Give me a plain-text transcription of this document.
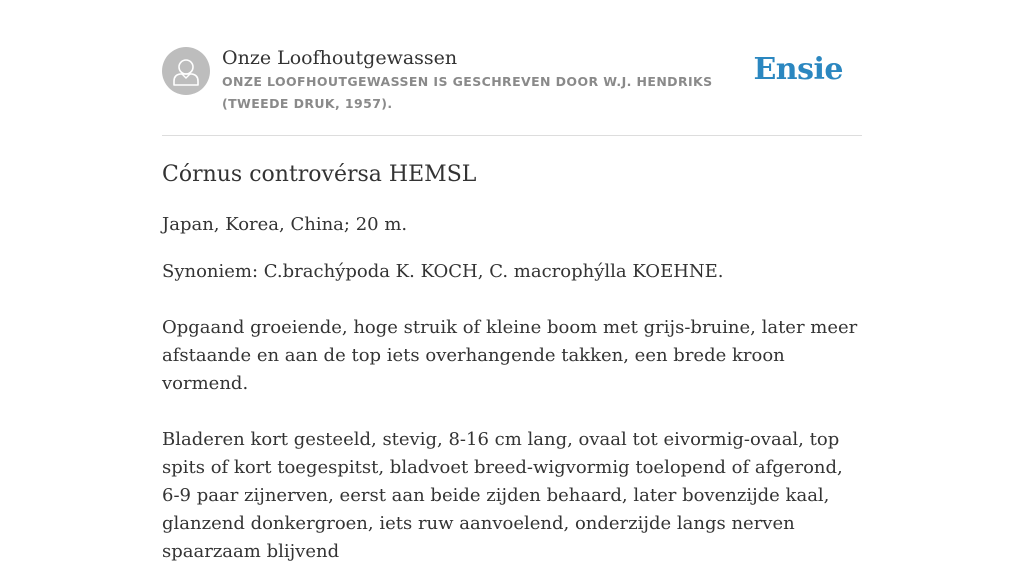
Onze Loofhoutgewassen
ONZE LOOFHOUTGEWASSEN IS GESCHREVEN DOOR W.J. HENDRIKS (TWEEDE DRUK, 1957).
Ensie
Córnus controvérsa HEMSL

Japan, Korea, China; 20 m.

Synoniem: C.brachýpoda K. KOCH, C. macrophýlla KOEHNE.

Opgaand groeiende, hoge struik of kleine boom met grijs-bruine, later meer afstaande en aan de top iets overhangende takken, een brede kroon vormend.

Bladeren kort gesteeld, stevig, 8-16 cm lang, ovaal tot eivormig-ovaal, top spits of kort toegespitst, bladvoet breed-wigvormig toelopend of afgerond, 6-9 paar zijnerven, eerst aan beide zijden behaard, later bovenzijde kaal, glanzend donkergroen, iets ruw aanvoelend, onderzijde langs nerven spaarzaam blijvend
